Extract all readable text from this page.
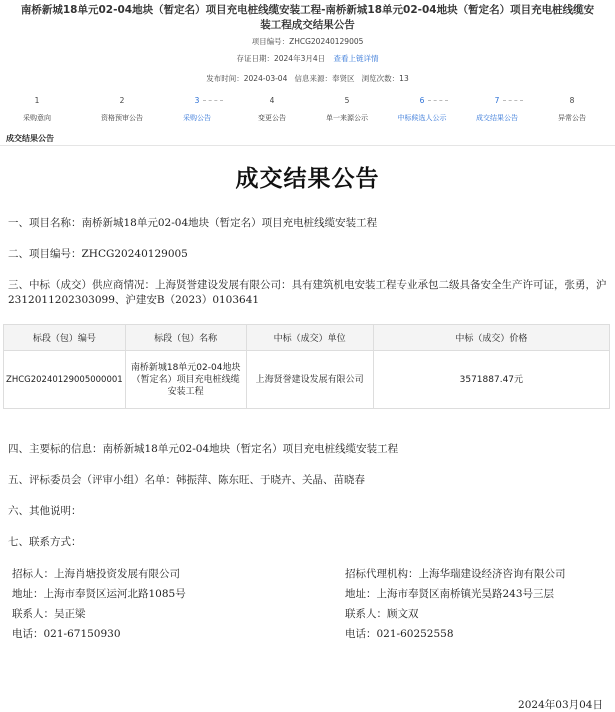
南桥新城18单元02-04地块（暂定名）项目充电桩线缆安装工程-南桥新城18单元02-04地块（暂定名）项目充电桩线缆安装工程成交结果公告
项目编号：ZHCG20240129005
存证日期：2024年3月4日 查看上链详情
发布时间：2024-03-04 信息来源：奉贤区 浏览次数：13
1
采购意向
2
资格预审公告
3
采购公告
4
变更公告
5
单一来源公示
6
中标候选人公示
7
成交结果公告
8
异常公告
成交结果公告
成交结果公告
一、项目名称：南桥新城18单元02-04地块（暂定名）项目充电桩线缆安装工程
二、项目编号：ZHCG20240129005
三、中标（成交）供应商情况：上海贤誉建设发展有限公司：具有建筑机电安装工程专业承包二级具备安全生产许可证，张勇，沪2312011202303099、沪建安B（2023）0103641
标段（包）编号	标段（包）名称	中标（成交）单位	中标（成交）价格
ZHCG20240129005000001	南桥新城18单元02-04地块（暂定名）项目充电桩线缆安装工程	上海贤誉建设发展有限公司	3571887.47元
四、主要标的信息：南桥新城18单元02-04地块（暂定名）项目充电桩线缆安装工程
五、评标委员会（评审小组）名单：韩振萍、陈东旺、于晓卉、关晶、苗晓春
六、其他说明：
七、联系方式：
招标人：上海肖塘投资发展有限公司
地址：上海市奉贤区运河北路1085号
联系人：吴正梁
电话：021-67150930
招标代理机构：上海华瑞建设经济咨询有限公司
地址：上海市奉贤区南桥镇光昊路243号三层
联系人：顾文双
电话：021-60252558
2024年03月04日
